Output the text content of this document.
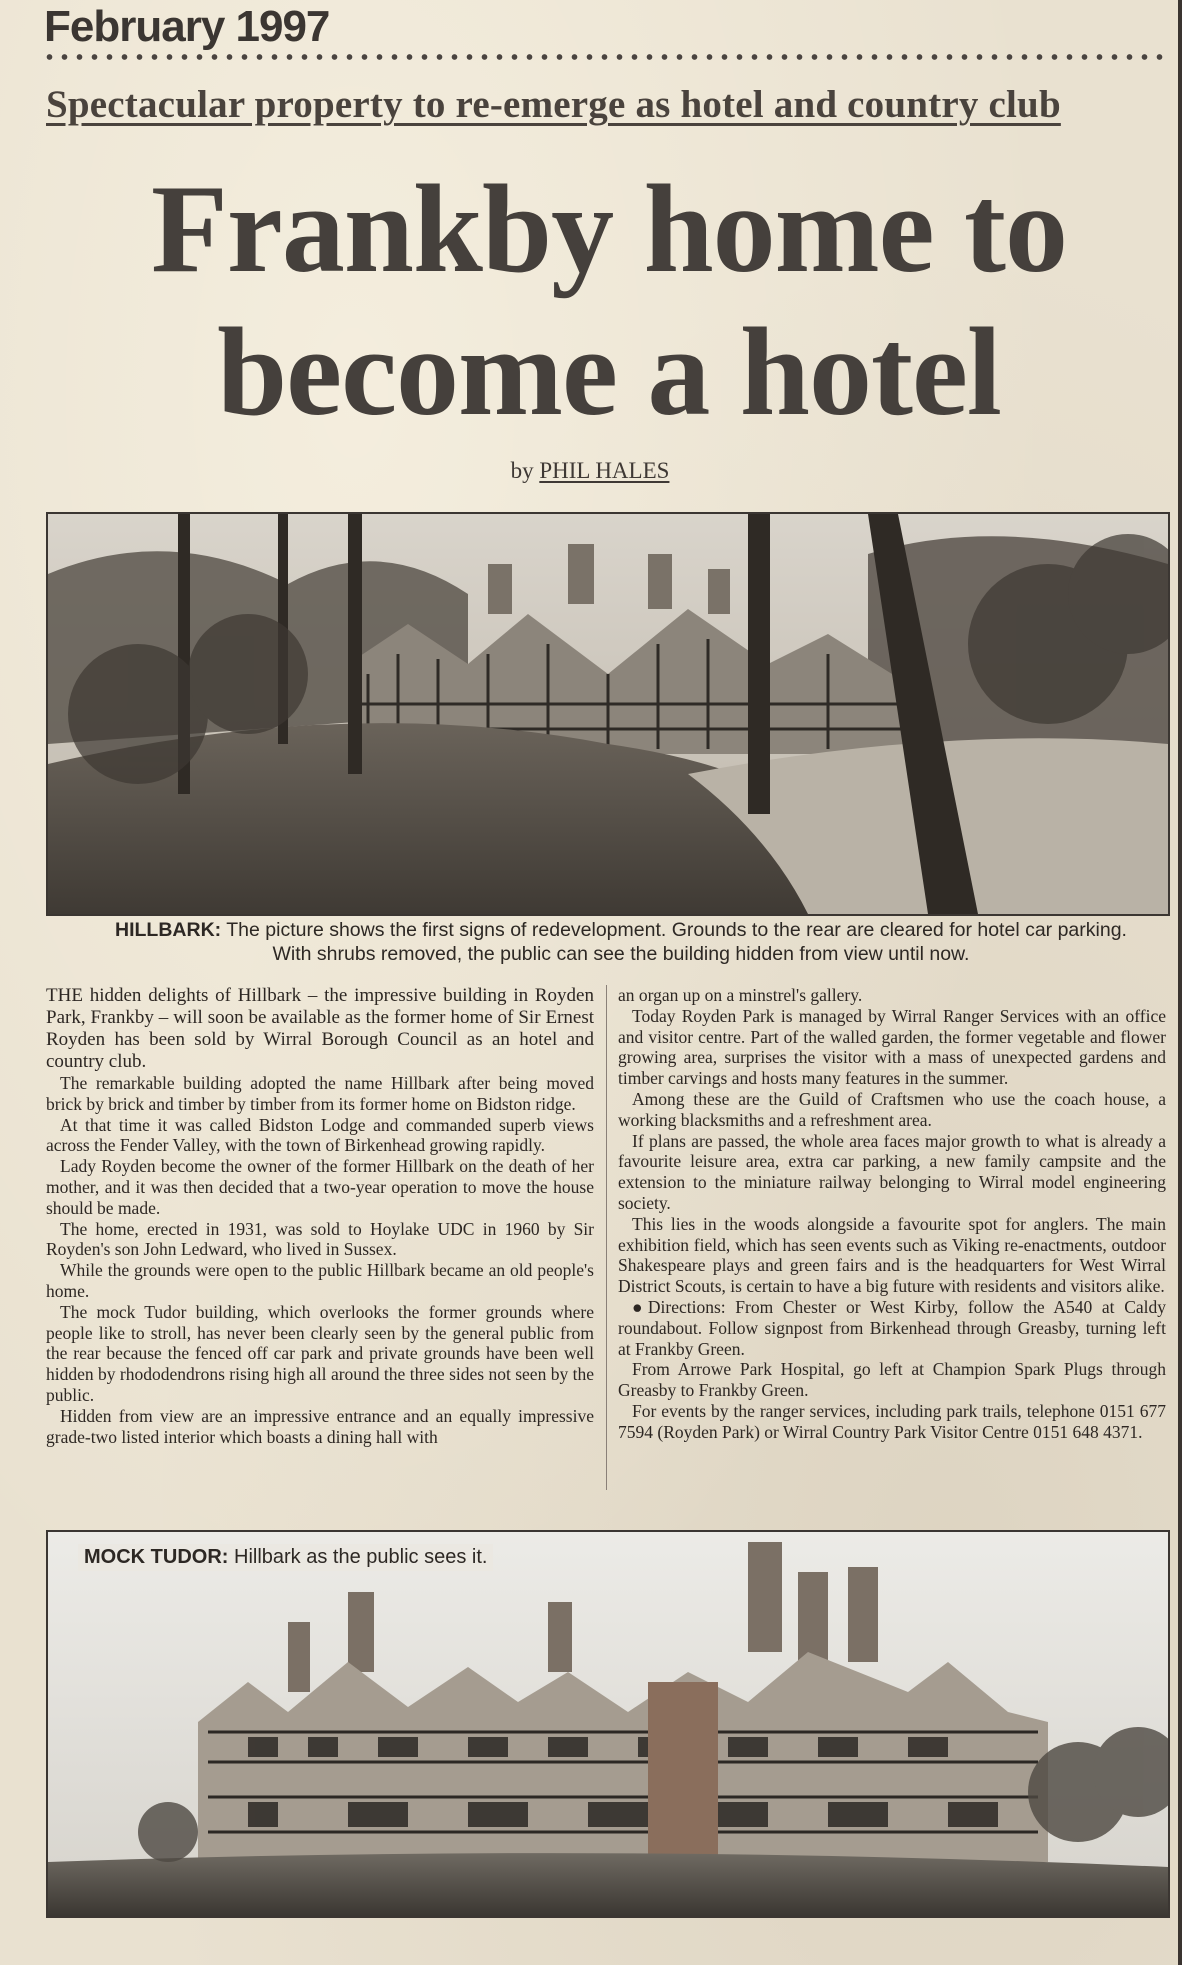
February 1997
Spectacular property to re-emerge as hotel and country club
Frankby home to
become a hotel
by PHIL HALES
HILLBARK: The picture shows the first signs of redevelopment. Grounds to the rear are cleared for hotel car parking. With shrubs removed, the public can see the building hidden from view until now.

THE hidden delights of Hillbark – the impressive building in Royden Park, Frankby – will soon be available as the former home of Sir Ernest Royden has been sold by Wirral Borough Council as an hotel and country club.

The remarkable building adopted the name Hillbark after being moved brick by brick and timber by timber from its former home on Bidston ridge.

At that time it was called Bidston Lodge and commanded superb views across the Fender Valley, with the town of Birkenhead growing rapidly.

Lady Royden become the owner of the former Hillbark on the death of her mother, and it was then decided that a two-year operation to move the house should be made.

The home, erected in 1931, was sold to Hoylake UDC in 1960 by Sir Royden's son John Ledward, who lived in Sussex.

While the grounds were open to the public Hillbark became an old people's home.

The mock Tudor building, which overlooks the former grounds where people like to stroll, has never been clearly seen by the general public from the rear because the fenced off car park and private grounds have been well hidden by rhododendrons rising high all around the three sides not seen by the public.

Hidden from view are an impressive entrance and an equally impressive grade-two listed interior which boasts a dining hall with

an organ up on a minstrel's gallery.

Today Royden Park is managed by Wirral Ranger Services with an office and visitor centre. Part of the walled garden, the former vegetable and flower growing area, surprises the visitor with a mass of unexpected gardens and timber carvings and hosts many features in the summer.

Among these are the Guild of Craftsmen who use the coach house, a working blacksmiths and a refreshment area.

If plans are passed, the whole area faces major growth to what is already a favourite leisure area, extra car parking, a new family campsite and the extension to the miniature railway belonging to Wirral model engineering society.

This lies in the woods alongside a favourite spot for anglers. The main exhibition field, which has seen events such as Viking re-enactments, outdoor Shakespeare plays and green fairs and is the headquarters for West Wirral District Scouts, is certain to have a big future with residents and visitors alike.

●Directions: From Chester or West Kirby, follow the A540 at Caldy roundabout. Follow signpost from Birkenhead through Greasby, turning left at Frankby Green.

From Arrowe Park Hospital, go left at Champion Spark Plugs through Greasby to Frankby Green.

For events by the ranger services, including park trails, telephone 0151 677 7594 (Royden Park) or Wirral Country Park Visitor Centre 0151 648 4371.

MOCK TUDOR: Hillbark as the public sees it.
